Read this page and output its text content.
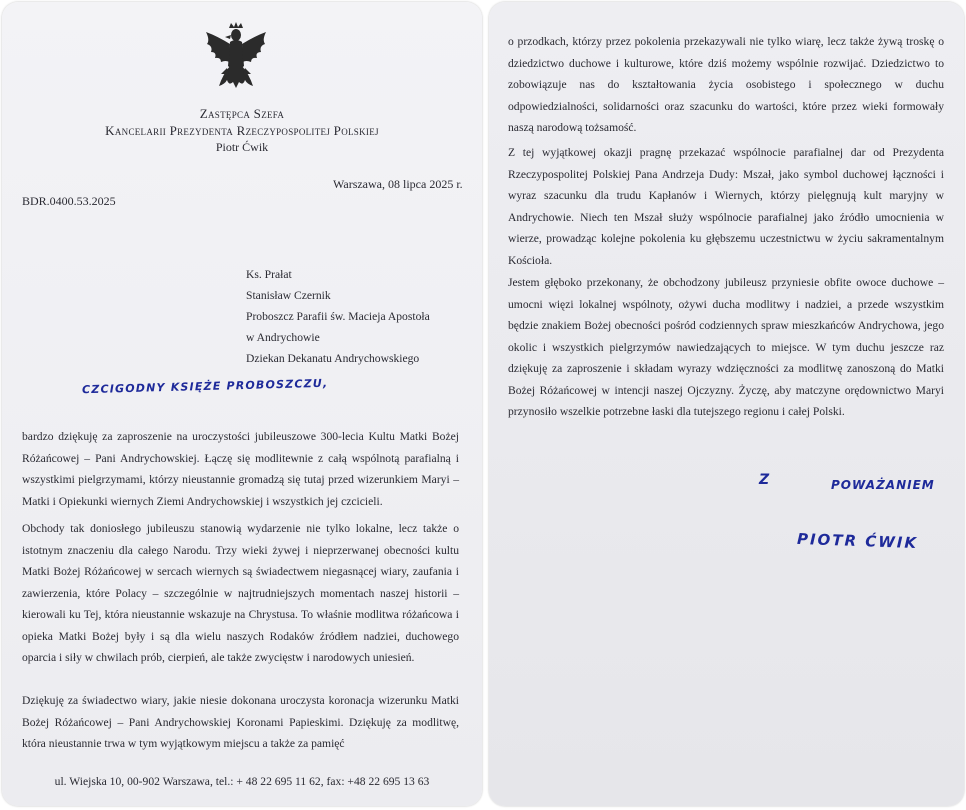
Zastępca Szefa
Kancelarii Prezydenta Rzeczypospolitej Polskiej
Piotr Ćwik
Warszawa, 08 lipca 2025 r.
BDR.0400.53.2025
Ks. Prałat
Stanisław Czernik
Proboszcz Parafii św. Macieja Apostoła
w Andrychowie
Dziekan Dekanatu Andrychowskiego
CZCIGODNY KSIĘŻE PROBOSZCZU,
bardzo dziękuję za zaproszenie na uroczystości jubileuszowe 300-lecia Kultu Matki Bożej Różańcowej – Pani Andrychowskiej. Łączę się modlitewnie z całą wspólnotą parafialną i wszystkimi pielgrzymami, którzy nieustannie gromadzą się tutaj przed wizerunkiem Maryi – Matki i Opiekunki wiernych Ziemi Andrychowskiej i wszystkich jej czcicieli.
Obchody tak doniosłego jubileuszu stanowią wydarzenie nie tylko lokalne, lecz także o istotnym znaczeniu dla całego Narodu. Trzy wieki żywej i nieprzerwanej obecności kultu Matki Bożej Różańcowej w sercach wiernych są świadectwem niegasnącej wiary, zaufania i zawierzenia, które Polacy – szczególnie w najtrudniejszych momentach naszej historii – kierowali ku Tej, która nieustannie wskazuje na Chrystusa. To właśnie modlitwa różańcowa i opieka Matki Bożej były i są dla wielu naszych Rodaków źródłem nadziei, duchowego oparcia i siły w chwilach prób, cierpień, ale także zwycięstw i narodowych uniesień.
Dziękuję za świadectwo wiary, jakie niesie dokonana uroczysta koronacja wizerunku Matki Bożej Różańcowej – Pani Andrychowskiej Koronami Papieskimi. Dziękuję za modlitwę, która nieustannie trwa w tym wyjątkowym miejscu a także za pamięć
ul. Wiejska 10, 00-902 Warszawa, tel.: + 48 22 695 11 62, fax: +48 22 695 13 63
o przodkach, którzy przez pokolenia przekazywali nie tylko wiarę, lecz także żywą troskę o dziedzictwo duchowe i kulturowe, które dziś możemy wspólnie rozwijać. Dziedzictwo to zobowiązuje nas do kształtowania życia osobistego i społecznego w duchu odpowiedzialności, solidarności oraz szacunku do wartości, które przez wieki formowały naszą narodową tożsamość.
Z tej wyjątkowej okazji pragnę przekazać wspólnocie parafialnej dar od Prezydenta Rzeczypospolitej Polskiej Pana Andrzeja Dudy: Mszał, jako symbol duchowej łączności i wyraz szacunku dla trudu Kapłanów i Wiernych, którzy pielęgnują kult maryjny w Andrychowie. Niech ten Mszał służy wspólnocie parafialnej jako źródło umocnienia w wierze, prowadząc kolejne pokolenia ku głębszemu uczestnictwu w życiu sakramentalnym Kościoła.
Jestem głęboko przekonany, że obchodzony jubileusz przyniesie obfite owoce duchowe – umocni więzi lokalnej wspólnoty, ożywi ducha modlitwy i nadziei, a przede wszystkim będzie znakiem Bożej obecności pośród codziennych spraw mieszkańców Andrychowa, jego okolic i wszystkich pielgrzymów nawiedzających to miejsce. W tym duchu jeszcze raz dziękuję za zaproszenie i składam wyrazy wdzięczności za modlitwę zanoszoną do Matki Bożej Różańcowej w intencji naszej Ojczyzny. Życzę, aby matczyne orędownictwo Maryi przynosiło wszelkie potrzebne łaski dla tutejszego regionu i całej Polski.
Z	POWAŻANIEM
PIOTR ĆWIK
